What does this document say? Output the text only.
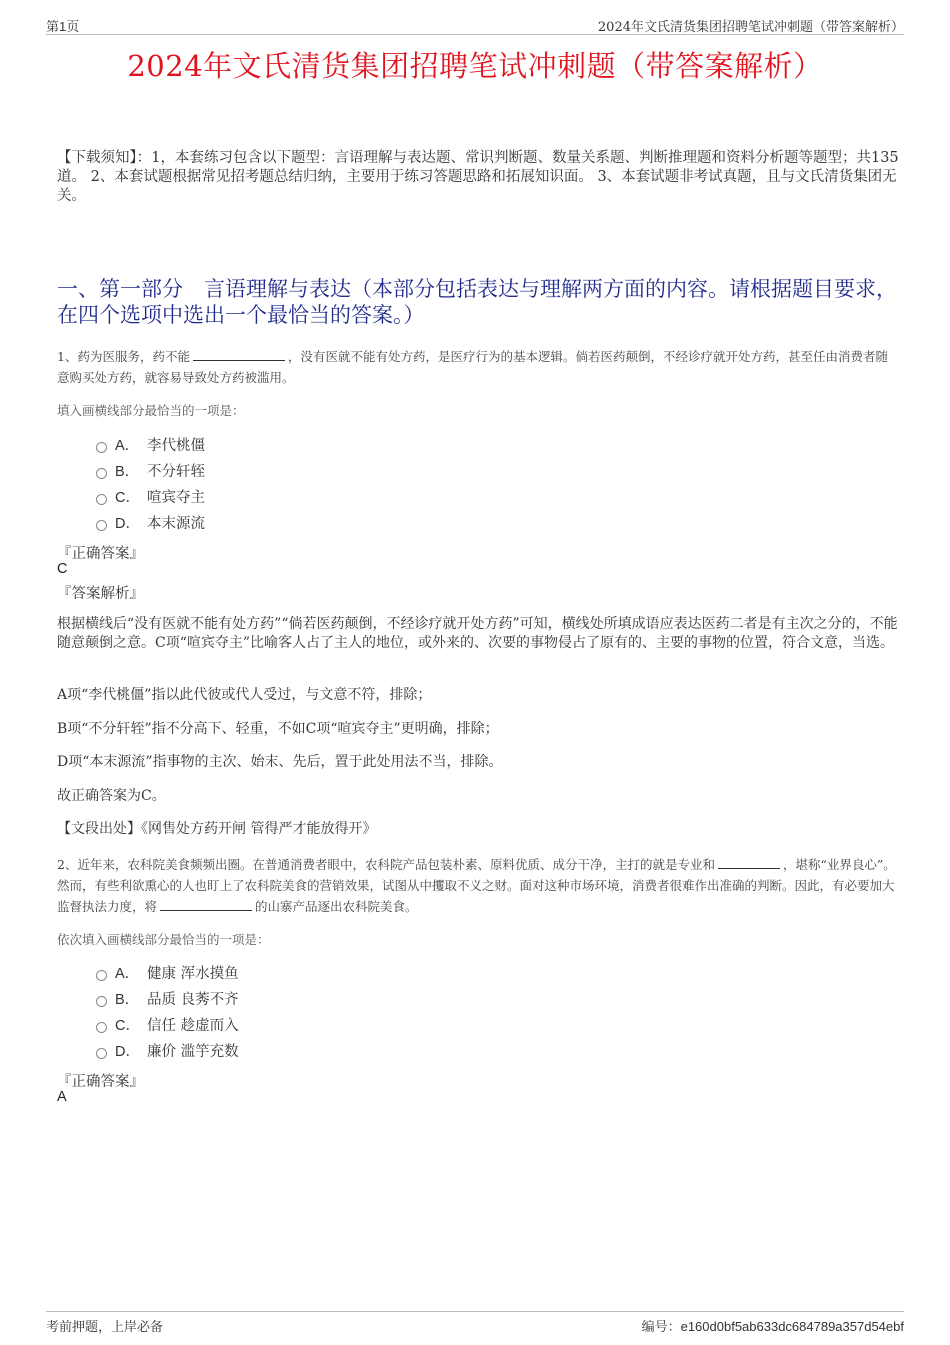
第1页	2024年文氏清货集团招聘笔试冲刺题（带答案解析）
2024年文氏清货集团招聘笔试冲刺题（带答案解析）
【下载须知】：1，本套练习包含以下题型：言语理解与表达题、常识判断题、数量关系题、判断推理题和资料分析题等题型；共135道。 2、本套试题根据常见招考题总结归纳，主要用于练习答题思路和拓展知识面。 3、本套试题非考试真题，且与文氏清货集团无关。
一、第一部分　言语理解与表达（本部分包括表达与理解两方面的内容。请根据题目要求，在四个选项中选出一个最恰当的答案。）
1、药为医服务，药不能	，没有医就不能有处方药，是医疗行为的基本逻辑。倘若医药颠倒，不经诊疗就开处方药，甚至任由消费者随意购买处方药，就容易导致处方药被滥用。
填入画横线部分最恰当的一项是：
A． 李代桃僵
B． 不分轩轾
C． 喧宾夺主
D． 本末源流
『正确答案』
C
『答案解析』
根据横线后“没有医就不能有处方药”“倘若医药颠倒，不经诊疗就开处方药”可知，横线处所填成语应表达医药二者是有主次之分的，不能随意颠倒之意。C项“喧宾夺主”比喻客人占了主人的地位，或外来的、次要的事物侵占了原有的、主要的事物的位置，符合文意，当选。
A项“李代桃僵”指以此代彼或代人受过，与文意不符，排除；
B项“不分轩轾”指不分高下、轻重，不如C项“喧宾夺主”更明确，排除；
D项“本末源流”指事物的主次、始末、先后，置于此处用法不当，排除。
故正确答案为C。
【文段出处】《网售处方药开闸 管得严才能放得开》
2、近年来，农科院美食频频出圈。在普通消费者眼中，农科院产品包装朴素、原料优质、成分干净，主打的就是专业和	，堪称“业界良心”。然而，有些利欲熏心的人也盯上了农科院美食的营销效果，试图从中攫取不义之财。面对这种市场环境，消费者很难作出准确的判断。因此，有必要加大监督执法力度，将	的山寨产品逐出农科院美食。
依次填入画横线部分最恰当的一项是：
A． 健康 浑水摸鱼
B． 品质 良莠不齐
C． 信任 趁虚而入
D． 廉价 滥竽充数
『正确答案』
A
考前押题，上岸必备	编号：e160d0bf5ab633dc684789a357d54ebf
